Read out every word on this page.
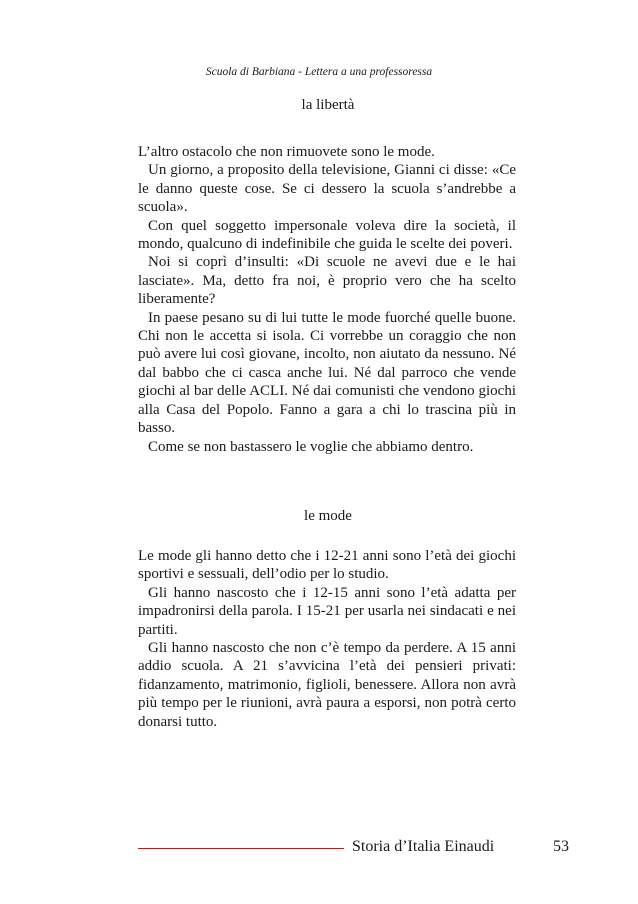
Scuola di Barbiana - Lettera a una professoressa
la libertà

L’altro ostacolo che non rimuovete sono le mode.

Un giorno, a proposito della televisione, Gianni ci disse: «Ce le danno queste cose. Se ci dessero la scuola s’andrebbe a scuola».

Con quel soggetto impersonale voleva dire la società, il mondo, qualcuno di indefinibile che guida le scelte dei poveri.

Noi si coprì d’insulti: «Di scuole ne avevi due e le hai lasciate». Ma, detto fra noi, è proprio vero che ha scelto liberamente?

In paese pesano su di lui tutte le mode fuorché quelle buone. Chi non le accetta si isola. Ci vorrebbe un coraggio che non può avere lui così giovane, incolto, non aiutato da nessuno. Né dal babbo che ci casca anche lui. Né dal parroco che vende giochi al bar delle ACLI. Né dai comunisti che vendono giochi alla Casa del Popolo. Fanno a gara a chi lo trascina più in basso.

Come se non bastassero le voglie che abbiamo dentro.

le mode

Le mode gli hanno detto che i 12-21 anni sono l’età dei giochi sportivi e sessuali, dell’odio per lo studio.

Gli hanno nascosto che i 12-15 anni sono l’età adatta per impadronirsi della parola. I 15-21 per usarla nei sindacati e nei partiti.

Gli hanno nascosto che non c’è tempo da perdere. A 15 anni addio scuola. A 21 s’avvicina l’età dei pensieri privati: fidanzamento, matrimonio, figlioli, benessere. Allora non avrà più tempo per le riunioni, avrà paura a esporsi, non potrà certo donarsi tutto.

Storia d’Italia Einaudi	53
